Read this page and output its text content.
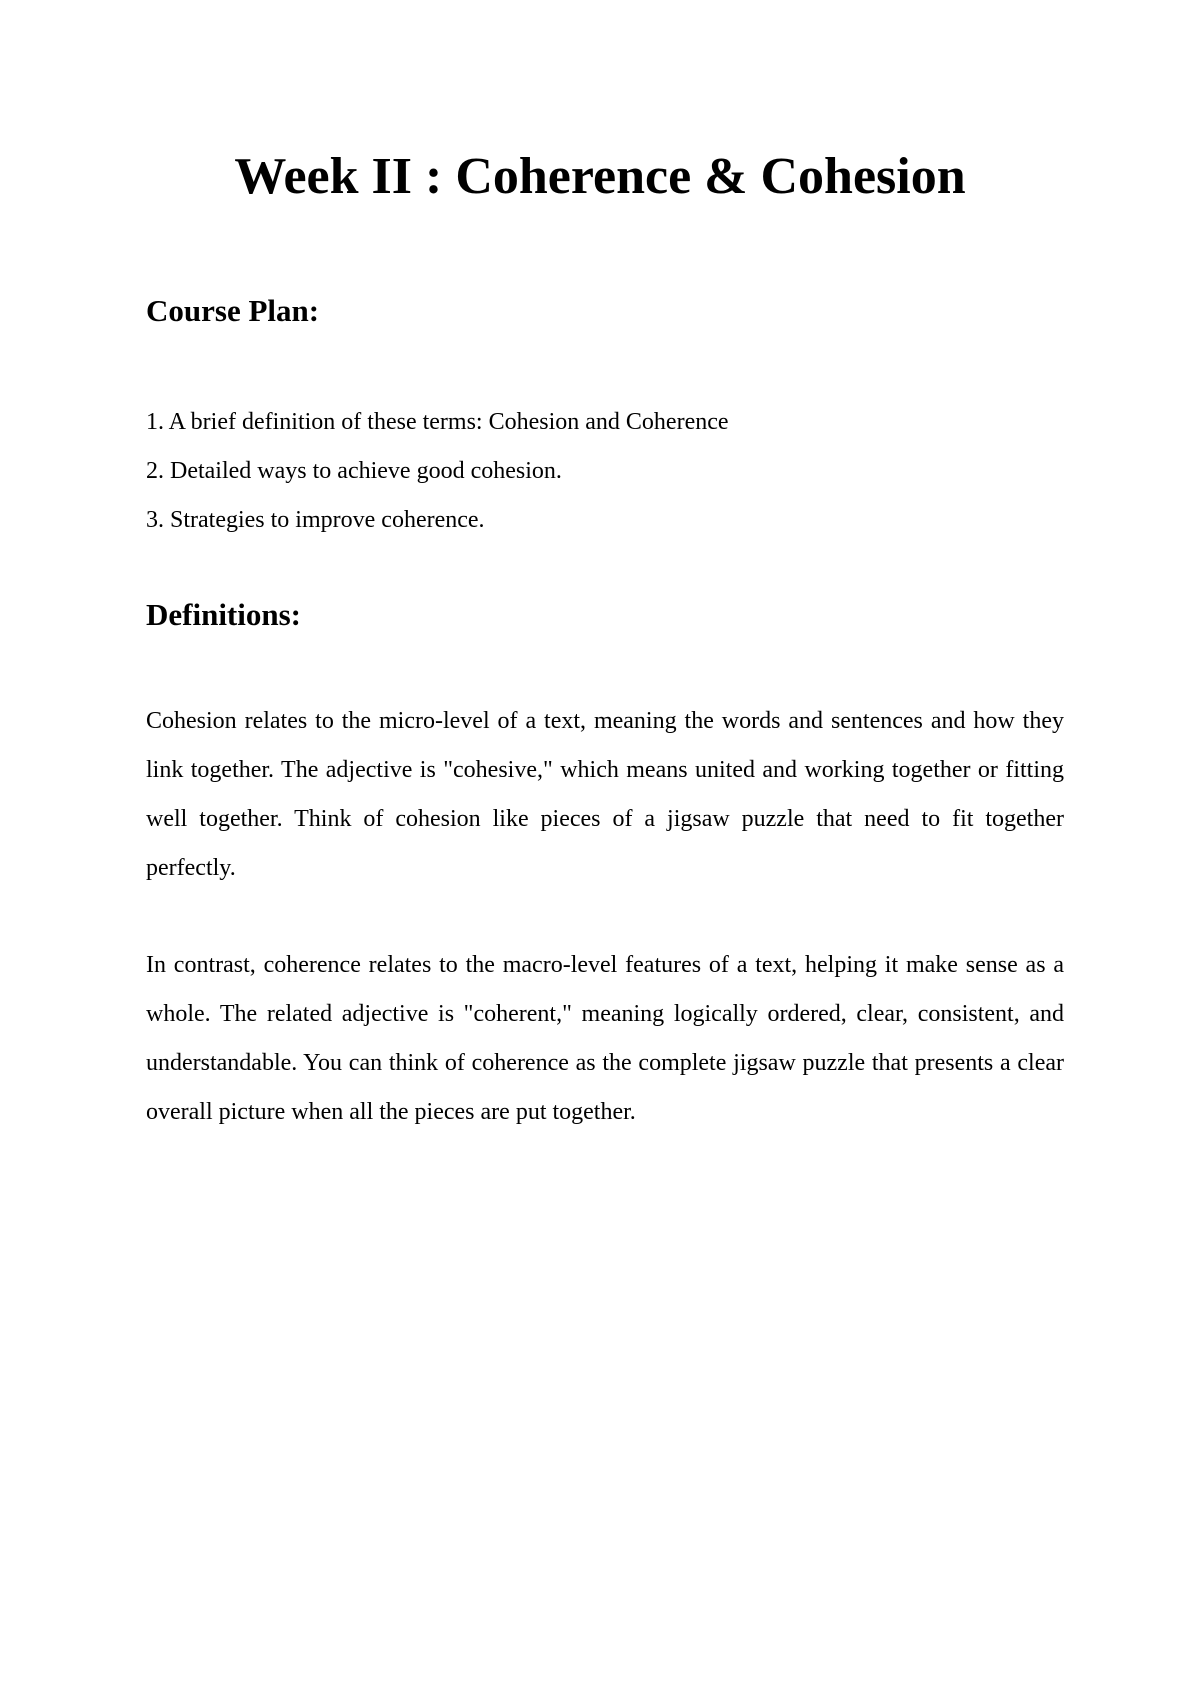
Week II : Coherence & Cohesion
Course Plan:
1. A brief definition of these terms: Cohesion and Coherence
2. Detailed ways to achieve good cohesion.
3. Strategies to improve coherence.
Definitions:

Cohesion relates to the micro-level of a text, meaning the words and sentences and how they link together. The adjective is "cohesive," which means united and working together or fitting well together. Think of cohesion like pieces of a jigsaw puzzle that need to fit together perfectly.

In contrast, coherence relates to the macro-level features of a text, helping it make sense as a whole. The related adjective is "coherent," meaning logically ordered, clear, consistent, and understandable. You can think of coherence as the complete jigsaw puzzle that presents a clear overall picture when all the pieces are put together.
